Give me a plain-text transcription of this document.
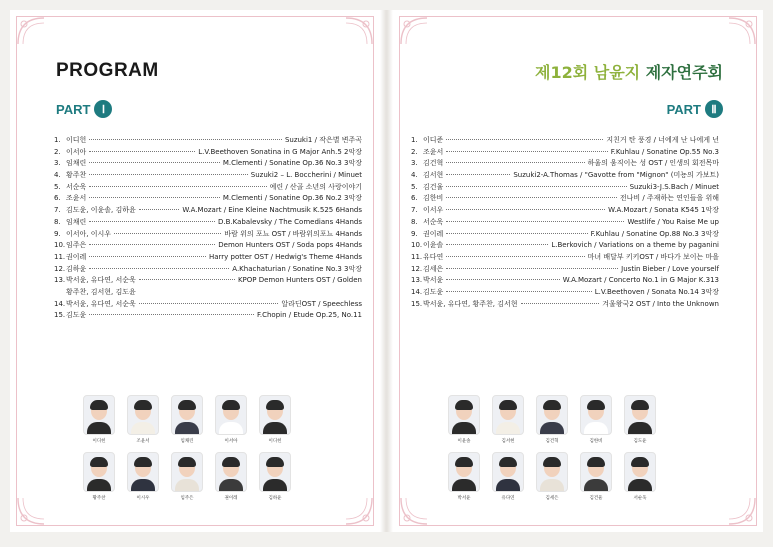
PROGRAM
PART	Ⅰ
1. 이디헌	Suzuki1 / 작은별 변주곡
2. 이서아	L.V.Beethoven Sonatina in G Major Anh.5 2악장
3. 임채린	M.Clementi / Sonatine Op.36 No.3 3악장
4. 황주찬	Suzuki2 – L. Boccherini / Minuet
5. 서순욱	예린 / 산골 소년의 사랑이야기
6. 조윤서	M.Clementi / Sonatine Op.36 No.2 3악장
7. 김도윤, 이윤솔, 김하윤	W.A.Mozart / Eine Kleine Nachtmusik K.525 6Hands
8. 임채린	D.B.Kabalevsky / The Comedians 4Hands
9. 이서아, 이시우	바람 위의 포뇨 OST / 바람위의포뇨 4Hands
10. 임주은	Demon Hunters OST / Soda pops 4Hands
11. 권이레	Harry potter OST / Hedwig's Theme 4Hands
12. 김하윤	A.Khachaturian / Sonatine No.3 3악장
13. 박서윤, 유다연, 서순욱	KPOP Demon Hunters OST / Golden
황주찬, 김서현, 김도윤
14. 박서윤, 유다연, 서순욱	알라딘OST / Speechless
15. 김도윤	F.Chopin / Etude Op.25, No.11
이디헌	조윤서	임채린	이서아	이디헌
황주찬	이시우	임주은	권이레	김하윤
제12회 남윤지 제자연주회
PART Ⅱ
1. 이디준	지친거 탄 풍경 / 너에게 난 나에게 넌
2. 조윤서	F.Kuhlau / Sonatine Op.55 No.3
3. 김건혁	하울의 움직이는 성 OST / 인생의 회전목마
4. 김서현	Suzuki2-A.Thomas / "Gavotte from "Mignon" (미뇽의 가보트)
5. 김건율	Suzuki3-J.S.Bach / Minuet
6. 김한비	전나비 / 주재하는 연인들을 위해
7. 이서우	W.A.Mozart / Sonata K545 1악장
8. 서순욱	Westlife / You Raise Me up
9. 권이레	F.Kuhlau / Sonatine Op.88 No.3 3악장
10. 이윤솔	L.Berkovich / Variations on a theme by paganini
11. 유다연	마녀 배달부 키키OST / 바다가 보이는 마을
12. 김세은	Justin Bieber / Love yourself
13. 박서윤	W.A.Mozart / Concerto No.1 in G Major K.313
14. 김도윤	L.V.Beethoven / Sonata No.14 3악장
15. 박서윤, 유다연, 황주찬, 김서현	겨울왕국2 OST / Into the Unknown
이윤솔	김서현	김건혁	김한비	김도윤
박서윤	유다연	김세은	김건율	서순욱
